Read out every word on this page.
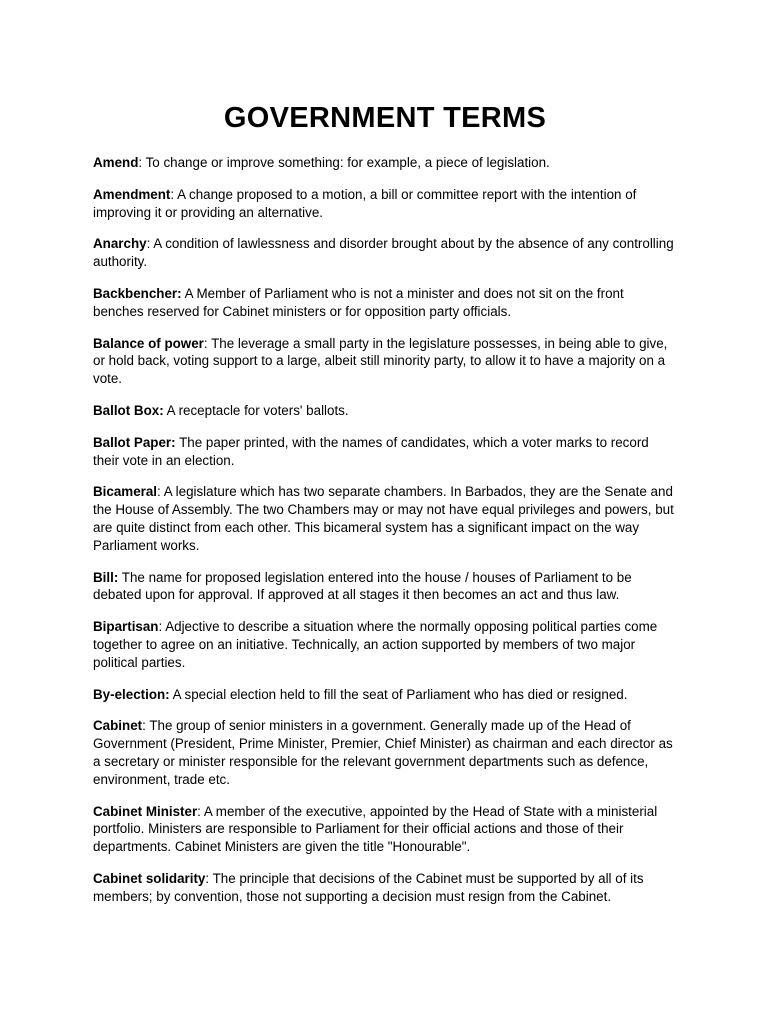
GOVERNMENT TERMS

Amend: To change or improve something: for example, a piece of legislation.

Amendment: A change proposed to a motion, a bill or committee report with the intention of improving it or providing an alternative.

Anarchy: A condition of lawlessness and disorder brought about by the absence of any controlling authority.

Backbencher: A Member of Parliament who is not a minister and does not sit on the front benches reserved for Cabinet ministers or for opposition party officials.

Balance of power: The leverage a small party in the legislature possesses, in being able to give, or hold back, voting support to a large, albeit still minority party, to allow it to have a majority on a vote.

Ballot Box: A receptacle for voters' ballots.

Ballot Paper: The paper printed, with the names of candidates, which a voter marks to record their vote in an election.

Bicameral: A legislature which has two separate chambers. In Barbados, they are the Senate and the House of Assembly. The two Chambers may or may not have equal privileges and powers, but are quite distinct from each other. This bicameral system has a significant impact on the way Parliament works.

Bill: The name for proposed legislation entered into the house / houses of Parliament to be debated upon for approval. If approved at all stages it then becomes an act and thus law.

Bipartisan: Adjective to describe a situation where the normally opposing political parties come together to agree on an initiative. Technically, an action supported by members of two major political parties.

By-election: A special election held to fill the seat of Parliament who has died or resigned.

Cabinet: The group of senior ministers in a government. Generally made up of the Head of Government (President, Prime Minister, Premier, Chief Minister) as chairman and each director as a secretary or minister responsible for the relevant government departments such as defence, environment, trade etc.

Cabinet Minister: A member of the executive, appointed by the Head of State with a ministerial portfolio. Ministers are responsible to Parliament for their official actions and those of their departments. Cabinet Ministers are given the title "Honourable".

Cabinet solidarity: The principle that decisions of the Cabinet must be supported by all of its members; by convention, those not supporting a decision must resign from the Cabinet.
